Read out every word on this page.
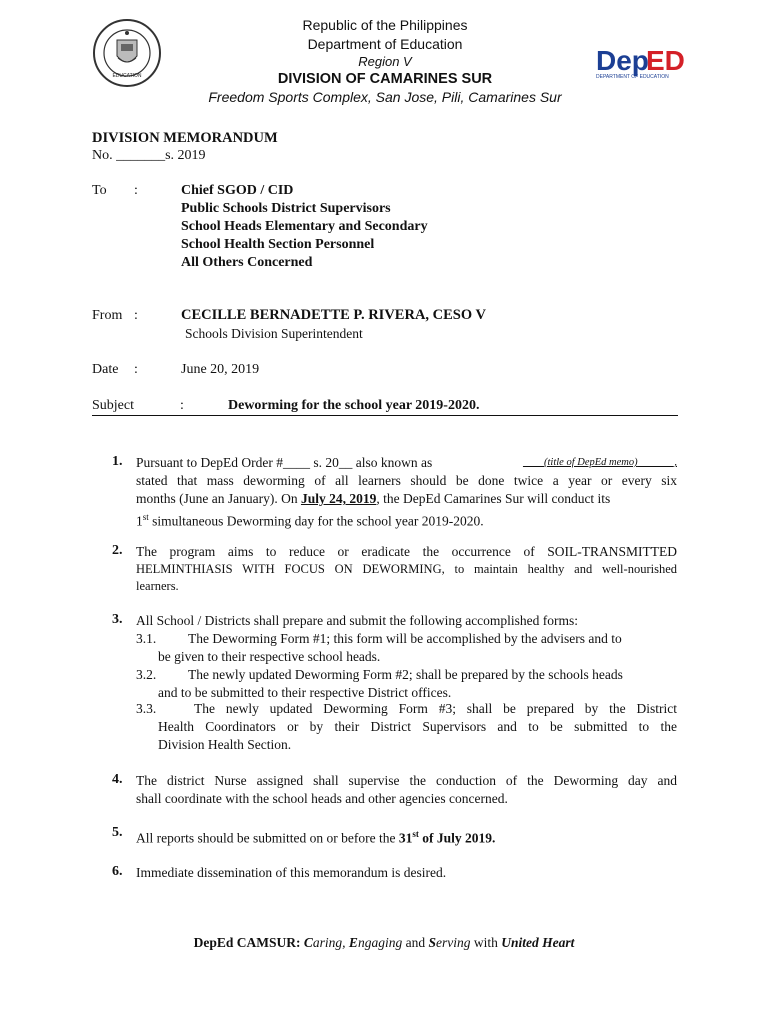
EDUCATION
Republic of the Philippines
Department of Education
Region V
DIVISION OF CAMARINES SUR
Freedom Sports Complex, San Jose, Pili, Camarines Sur
Dep
ED
DEPARTMENT OF EDUCATION
DIVISION MEMORANDUM
No. _______s. 2019
To :	Chief SGOD / CID
Public Schools District Supervisors
School Heads Elementary and Secondary
School Health Section Personnel
All Others Concerned
From :	CECILLE BERNADETTE P. RIVERA, CESO V
Schools Division Superintendent
Date :	June 20, 2019
Subject	:	Deworming for the school year 2019-2020.
1. Pursuant to DepEd Order #____ s. 20__ also known as	____(title of DepEd memo)_______,
stated that mass deworming of all learners should be done twice a year or every six
months (June an January). On July 24, 2019, the DepEd Camarines Sur will conduct its
1st simultaneous Deworming day for the school year 2019-2020.
2. The program aims to reduce or eradicate the occurrence of SOIL-TRANSMITTED
HELMINTHIASIS WITH FOCUS ON DEWORMING, to maintain healthy and well-nourished
learners.
3. All School / Districts shall prepare and submit the following accomplished forms:
3.1.	The Deworming Form #1; this form will be accomplished by the advisers and to
be given to their respective school heads.
3.2.	The newly updated Deworming Form #2; shall be prepared by the schools heads
and to be submitted to their respective District offices.
3.3.	The newly updated Deworming Form #3; shall be prepared by the District
Health Coordinators or by their District Supervisors and to be submitted to the
Division Health Section.
4. The district Nurse assigned shall supervise the conduction of the Deworming day and
shall coordinate with the school heads and other agencies concerned.
5. All reports should be submitted on or before the 31st of July 2019.
6. Immediate dissemination of this memorandum is desired.
DepEd CAMSUR: Caring, Engaging and Serving with United Heart
